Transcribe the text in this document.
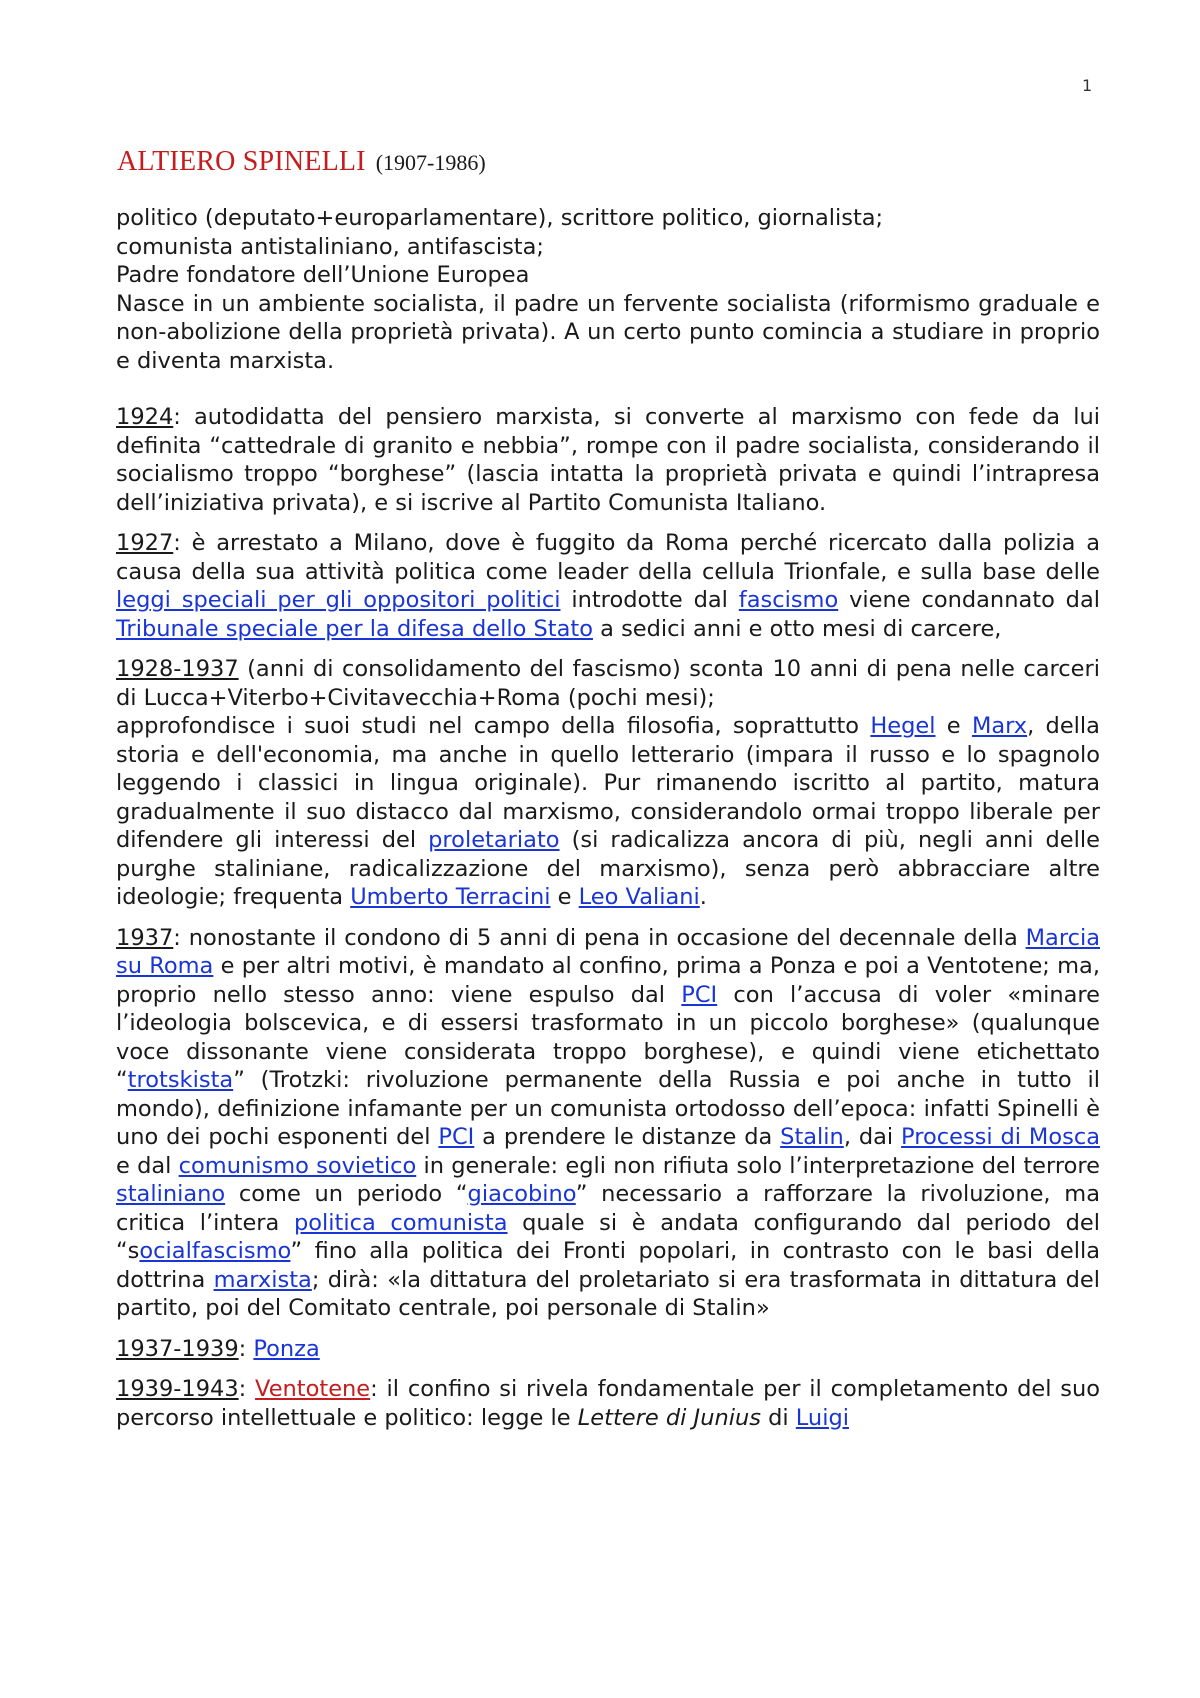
1
ALTIERO SPINELLI (1907-1986)

politico (deputato+europarlamentare), scrittore politico, giornalista;
comunista antistaliniano, antifascista;
Padre fondatore dell’Unione Europea
Nasce in un ambiente socialista, il padre un fervente socialista (riformismo graduale e non-abolizione della proprietà privata). A un certo punto comincia a studiare in proprio e diventa marxista.

1924: autodidatta del pensiero marxista, si converte al marxismo con fede da lui definita “cattedrale di granito e nebbia”, rompe con il padre socialista, considerando il socialismo troppo “borghese” (lascia intatta la proprietà privata e quindi l’intrapresa dell’iniziativa privata), e si iscrive al Partito Comunista Italiano.

1927: è arrestato a Milano, dove è fuggito da Roma perché ricercato dalla polizia a causa della sua attività politica come leader della cellula Trionfale, e sulla base delle leggi speciali per gli oppositori politici introdotte dal fascismo viene condannato dal Tribunale speciale per la difesa dello Stato a sedici anni e otto mesi di carcere,

1928-1937 (anni di consolidamento del fascismo) sconta 10 anni di pena nelle carceri di Lucca+Viterbo+Civitavecchia+Roma (pochi mesi);
approfondisce i suoi studi nel campo della filosofia, soprattutto Hegel e Marx, della storia e dell'economia, ma anche in quello letterario (impara il russo e lo spagnolo leggendo i classici in lingua originale). Pur rimanendo iscritto al partito, matura gradualmente il suo distacco dal marxismo, considerandolo ormai troppo liberale per difendere gli interessi del proletariato (si radicalizza ancora di più, negli anni delle purghe staliniane, radicalizzazione del marxismo), senza però abbracciare altre ideologie; frequenta Umberto Terracini e Leo Valiani.

1937: nonostante il condono di 5 anni di pena in occasione del decennale della Marcia su Roma e per altri motivi, è mandato al confino, prima a Ponza e poi a Ventotene; ma, proprio nello stesso anno: viene espulso dal PCI con l’accusa di voler «minare l’ideologia bolscevica, e di essersi trasformato in un piccolo borghese» (qualunque voce dissonante viene considerata troppo borghese), e quindi viene etichettato “trotskista” (Trotzki: rivoluzione permanente della Russia e poi anche in tutto il mondo), definizione infamante per un comunista ortodosso dell’epoca: infatti Spinelli è uno dei pochi esponenti del PCI a prendere le distanze da Stalin, dai Processi di Mosca e dal comunismo sovietico in generale: egli non rifiuta solo l’interpretazione del terrore staliniano come un periodo “giacobino” necessario a rafforzare la rivoluzione, ma critica l’intera politica comunista quale si è andata configurando dal periodo del “socialfascismo” fino alla politica dei Fronti popolari, in contrasto con le basi della dottrina marxista; dirà: «la dittatura del proletariato si era trasformata in dittatura del partito, poi del Comitato centrale, poi personale di Stalin»

1937-1939: Ponza

1939-1943: Ventotene: il confino si rivela fondamentale per il completamento del suo percorso intellettuale e politico: legge le Lettere di Junius di Luigi
